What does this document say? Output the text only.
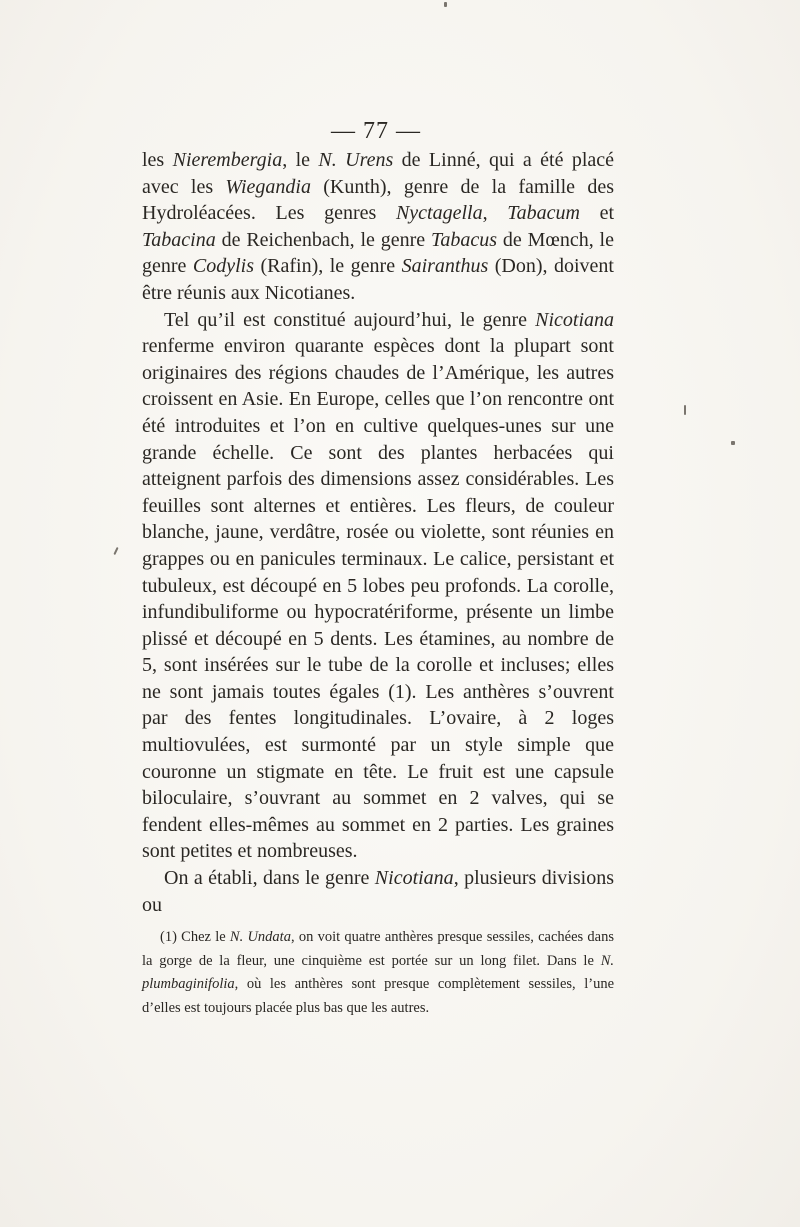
— 77 —

les Nierembergia, le N. Urens de Linné, qui a été placé avec les Wiegandia (Kunth), genre de la famille des Hydroléacées. Les genres Nyctagella, Tabacum et Tabacina de Reichenbach, le genre Tabacus de Mœnch, le genre Codylis (Rafin), le genre Sairanthus (Don), doivent être réunis aux Nicotianes.

Tel qu’il est constitué aujourd’hui, le genre Nicotiana renferme environ quarante espèces dont la plupart sont originaires des régions chaudes de l’Amérique, les autres croissent en Asie. En Europe, celles que l’on rencontre ont été introduites et l’on en cultive quelques-unes sur une grande échelle. Ce sont des plantes herbacées qui atteignent parfois des dimensions assez considérables. Les feuilles sont alternes et entières. Les fleurs, de couleur blanche, jaune, verdâtre, rosée ou violette, sont réunies en grappes ou en panicules terminaux. Le calice, persistant et tubuleux, est découpé en 5 lobes peu profonds. La corolle, infundibuliforme ou hypocratériforme, présente un limbe plissé et découpé en 5 dents. Les étamines, au nombre de 5, sont insérées sur le tube de la corolle et incluses; elles ne sont jamais toutes égales (1). Les anthères s’ouvrent par des fentes longitudinales. L’ovaire, à 2 loges multiovulées, est surmonté par un style simple que couronne un stigmate en tête. Le fruit est une capsule biloculaire, s’ouvrant au sommet en 2 valves, qui se fendent elles-mêmes au sommet en 2 parties. Les graines sont petites et nombreuses.

On a établi, dans le genre Nicotiana, plusieurs divisions ou

(1) Chez le N. Undata, on voit quatre anthères presque sessiles, cachées dans la gorge de la fleur, une cinquième est portée sur un long filet. Dans le N. plumbaginifolia, où les anthères sont presque complètement sessiles, l’une d’elles est toujours placée plus bas que les autres.
